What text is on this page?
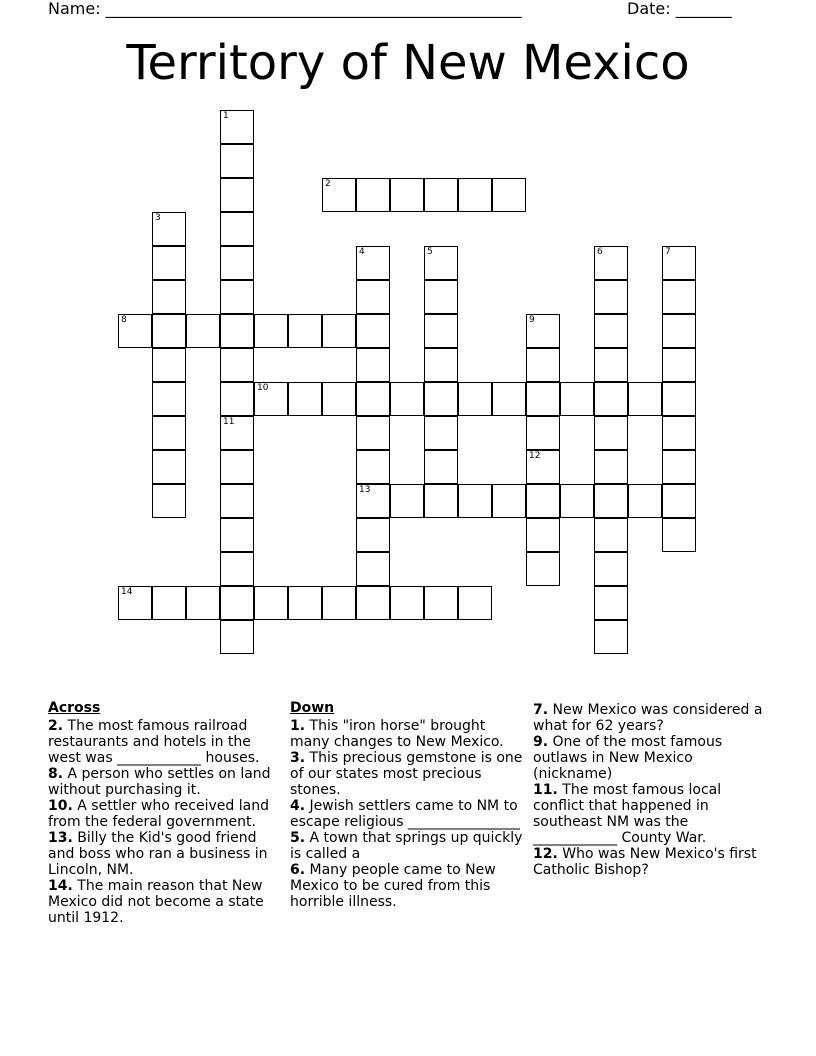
Name: ____________________________________________________	Date: _______
Territory of New Mexico
1
11
2
3
4
13
5	6	7
8	9
10
12
14
Across
2. The most famous railroad restaurants and hotels in the west was ____________ houses.
8. A person who settles on land without purchasing it.
10. A settler who received land from the federal government.
13. Billy the Kid's good friend and boss who ran a business in Lincoln, NM.
14. The main reason that New Mexico did not become a state until 1912.
Down
1. This "iron horse" brought many changes to New Mexico.
3. This precious gemstone is one of our states most precious stones.
4. Jewish settlers came to NM to escape religious ________________
5. A town that springs up quickly is called a
6. Many people came to New Mexico to be cured from this horrible illness.
7. New Mexico was considered a what for 62 years?
9. One of the most famous outlaws in New Mexico (nickname)
11. The most famous local conflict that happened in southeast NM was the ____________ County War.
12. Who was New Mexico's first Catholic Bishop?
